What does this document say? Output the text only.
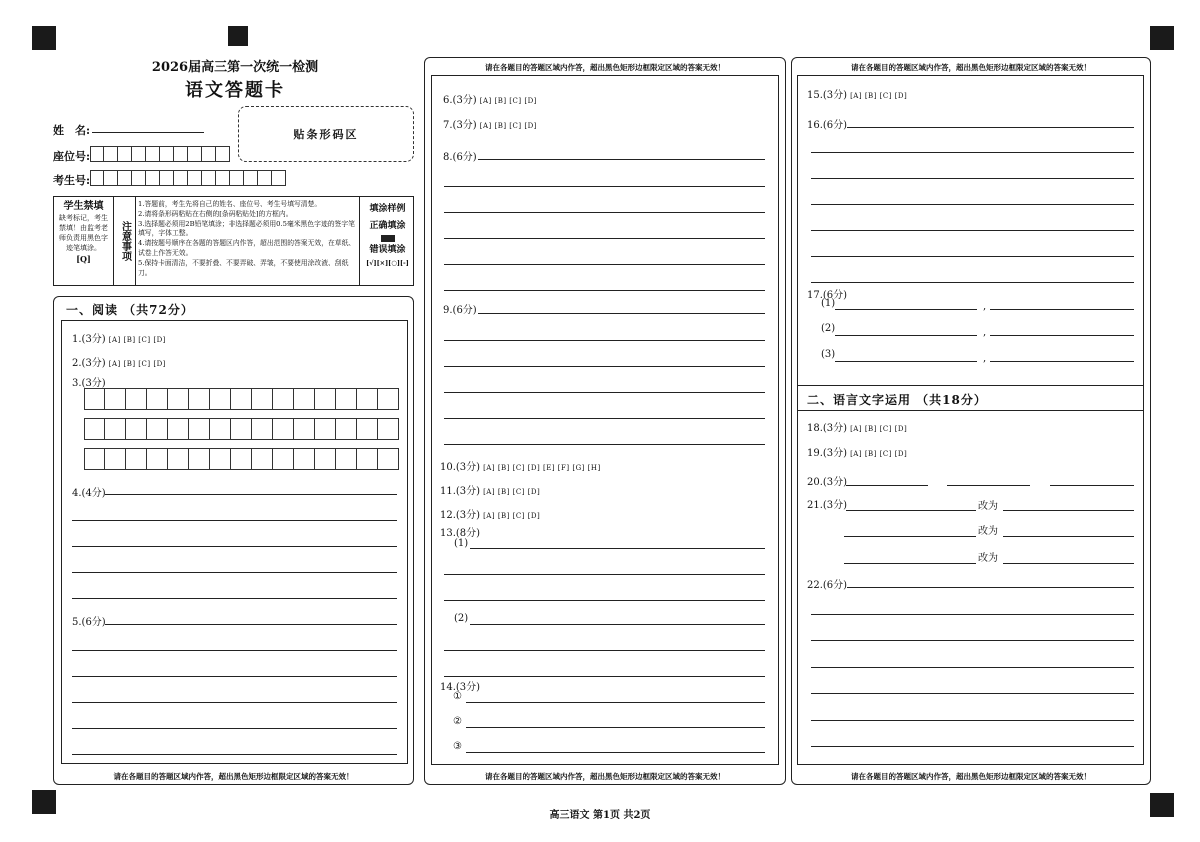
2026届高三第一次统一检测
语文答题卡
姓　名:
座位号:
考生号:
贴条形码区
学生禁填
缺考标记，考生禁填！由监考老师负责用黑色字迹笔填涂。
[Q]	注意事项
1.答题前，考生先将自己的姓名、座位号、考生号填写清楚。
2.请将条形码粘贴在右侧的[条码粘贴处]的方框内。
3.选择题必须用2B铅笔填涂；非选择题必须用0.5毫米黑色字迹的签字笔填写，字体工整。
4.请按题号顺序在各题的答题区内作答，超出范围的答案无效，在草纸、试卷上作答无效。
5.保持卡面清洁，不要折叠、不要弄破、弄皱，不要使用涂改液、刮纸刀。
填涂样例
正确填涂
错误填涂
[√][×][○][-]
一、阅读 （共72分）
请在各题目的答题区域内作答，超出黑色矩形边框限定区域的答案无效！
1.(3分) [A] [B] [C] [D]
2.(3分) [A] [B] [C] [D]
3.(3分)
4.(4分)
5.(6分)
请在各题目的答题区域内作答，超出黑色矩形边框限定区域的答案无效！
请在各题目的答题区域内作答，超出黑色矩形边框限定区域的答案无效！
6.(3分) [A] [B] [C] [D]
7.(3分) [A] [B] [C] [D]
8.(6分)
9.(6分)
10.(3分) [A] [B] [C] [D] [E] [F] [G] [H]
11.(3分) [A] [B] [C] [D]
12.(3分) [A] [B] [C] [D]
13.(8分)
(1)
(2)
14.(3分)
①
②
③
请在各题目的答题区域内作答，超出黑色矩形边框限定区域的答案无效！
请在各题目的答题区域内作答，超出黑色矩形边框限定区域的答案无效！
15.(3分) [A] [B] [C] [D]
16.(6分)
17.(6分)
(1)	,
(2)	,
(3)	,
二、语言文字运用 （共18分）
18.(3分) [A] [B] [C] [D]
19.(3分) [A] [B] [C] [D]
20.(3分)
21.(3分)	改为
改为
改为
22.(6分)
高三语文 第1页 共2页
